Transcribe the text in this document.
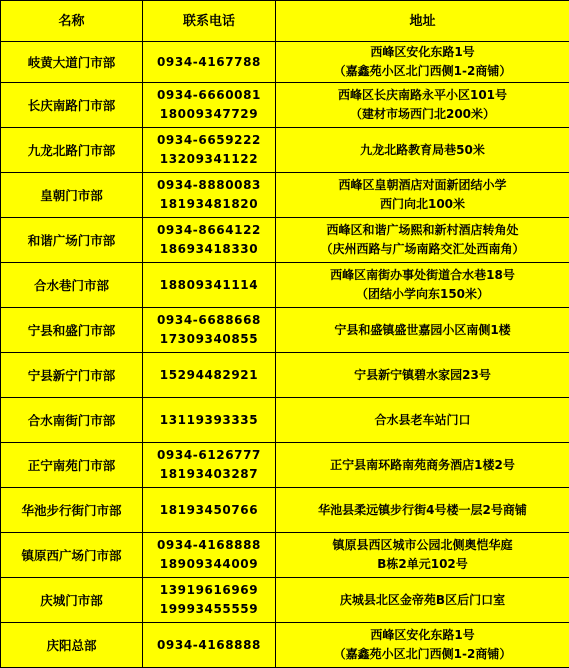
名称	联系电话	地址
岐黄大道门市部	0934-4167788	西峰区安化东路1号
（嘉鑫苑小区北门西侧1-2商铺）

长庆南路门市部	0934-6660081
18009347729	西峰区长庆南路永平小区101号
（建材市场西门北200米）

九龙北路门市部	0934-6659222
13209341122	九龙北路教育局巷50米

皇朝门市部	0934-8880083
18193481820	西峰区皇朝酒店对面新团结小学
西门向北100米

和谐广场门市部	0934-8664122
18693418330	西峰区和谐广场熙和新村酒店转角处
（庆州西路与广场南路交汇处西南角）

合水巷门市部	18809341114	西峰区南街办事处街道合水巷18号
（团结小学向东150米）

宁县和盛门市部	0934-6688668
17309340855	宁县和盛镇盛世嘉园小区南侧1楼

宁县新宁门市部	15294482921	宁县新宁镇碧水家园23号

合水南街门市部	13119393335	合水县老车站门口

正宁南苑门市部	0934-6126777
18193403287	正宁县南环路南苑商务酒店1楼2号

华池步行街门市部	18193450766	华池县柔远镇步行街4号楼一层2号商铺

镇原西广场门市部	0934-4168888
18909344009	镇原县西区城市公园北侧奥恺华庭
B栋2单元102号

庆城门市部	13919616969
19993455559	庆城县北区金帝苑B区后门口室

庆阳总部	0934-4168888	西峰区安化东路1号
（嘉鑫苑小区北门西侧1-2商铺）
